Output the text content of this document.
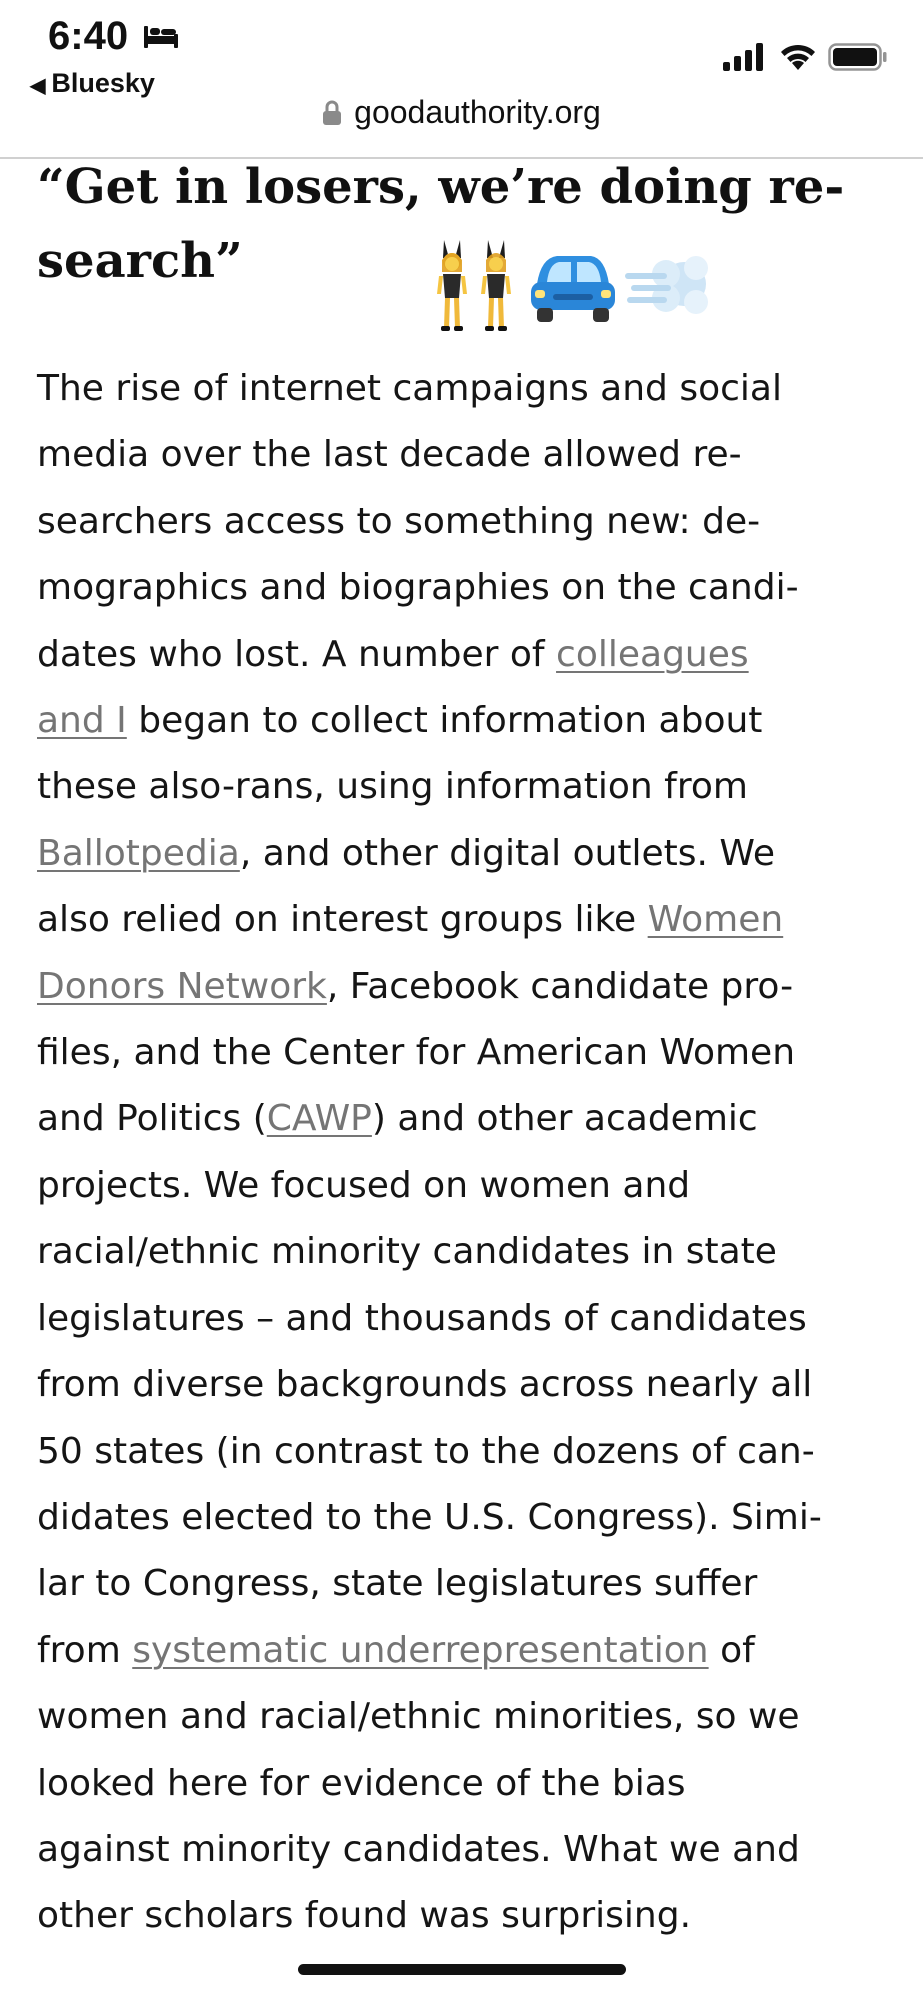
6:40
◀ Bluesky
goodauthority.org
“Get in losers, we’re doing re-
search”

The rise of internet campaigns and social
media over the last decade allowed re-
searchers access to something new: de-
mographics and biographies on the candi-
dates who lost. A number of colleagues
and I began to collect information about
these also-rans, using information from
Ballotpedia, and other digital outlets. We
also relied on interest groups like Women
Donors Network, Facebook candidate pro-
files, and the Center for American Women
and Politics (CAWP) and other academic
projects. We focused on women and
racial/ethnic minority candidates in state
legislatures – and thousands of candidates
from diverse backgrounds across nearly all
50 states (in contrast to the dozens of can-
didates elected to the U.S. Congress). Simi-
lar to Congress, state legislatures suffer
from systematic underrepresentation of
women and racial/ethnic minorities, so we
looked here for evidence of the bias
against minority candidates. What we and
other scholars found was surprising.
